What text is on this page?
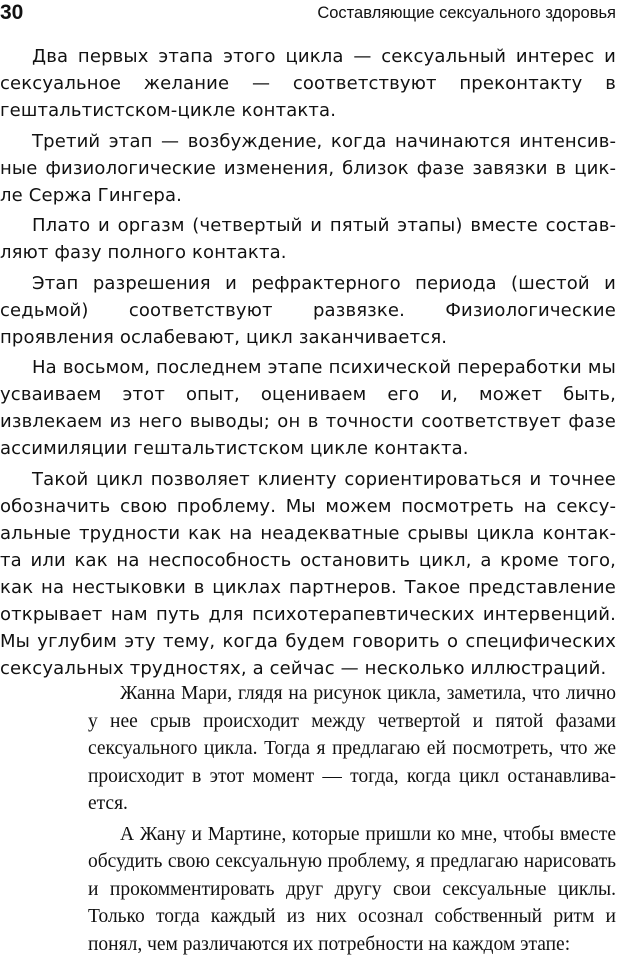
30	Составляющие сексуального здоровья

Два первых этапа этого цикла — сексуальный интерес и сексуальное желание — соответствуют преконтакту в гештальтистском-цикле контакта.

Третий этап — возбуждение, когда начинаются интенсивные физиологические изменения, близок фазе завязки в цикле Сержа Гингера.

Плато и оргазм (четвертый и пятый этапы) вместе составляют фазу полного контакта.

Этап разрешения и рефрактерного периода (шестой и седьмой) соответствуют развязке. Физиологические проявления ослабевают, цикл заканчивается.

На восьмом, последнем этапе психической переработки мы усваиваем этот опыт, оцениваем его и, может быть, извлекаем из него выводы; он в точности соответствует фазе ассимиляции гештальтистском цикле контакта.

Такой цикл позволяет клиенту сориентироваться и точнее обозначить свою проблему. Мы можем посмотреть на сексуальные трудности как на неадекватные срывы цикла контакта или как на неспособность остановить цикл, а кроме того, как на нестыковки в циклах партнеров. Такое представление открывает нам путь для психотерапевтических интервенций. Мы углубим эту тему, когда будем говорить о специфических сексуальных трудностях, а сейчас — несколько иллюстраций.

Жанна Мари, глядя на рисунок цикла, заметила, что лично у нее срыв происходит между четвертой и пятой фазами сексуального цикла. Тогда я предлагаю ей посмотреть, что же происходит в этот момент — тогда, когда цикл останавливается.

А Жану и Мартине, которые пришли ко мне, чтобы вместе обсудить свою сексуальную проблему, я предлагаю нарисовать и прокомментировать друг другу свои сексуальные циклы. Только тогда каждый из них осознал собственный ритм и понял, чем различаются их потребности на каждом этапе:
